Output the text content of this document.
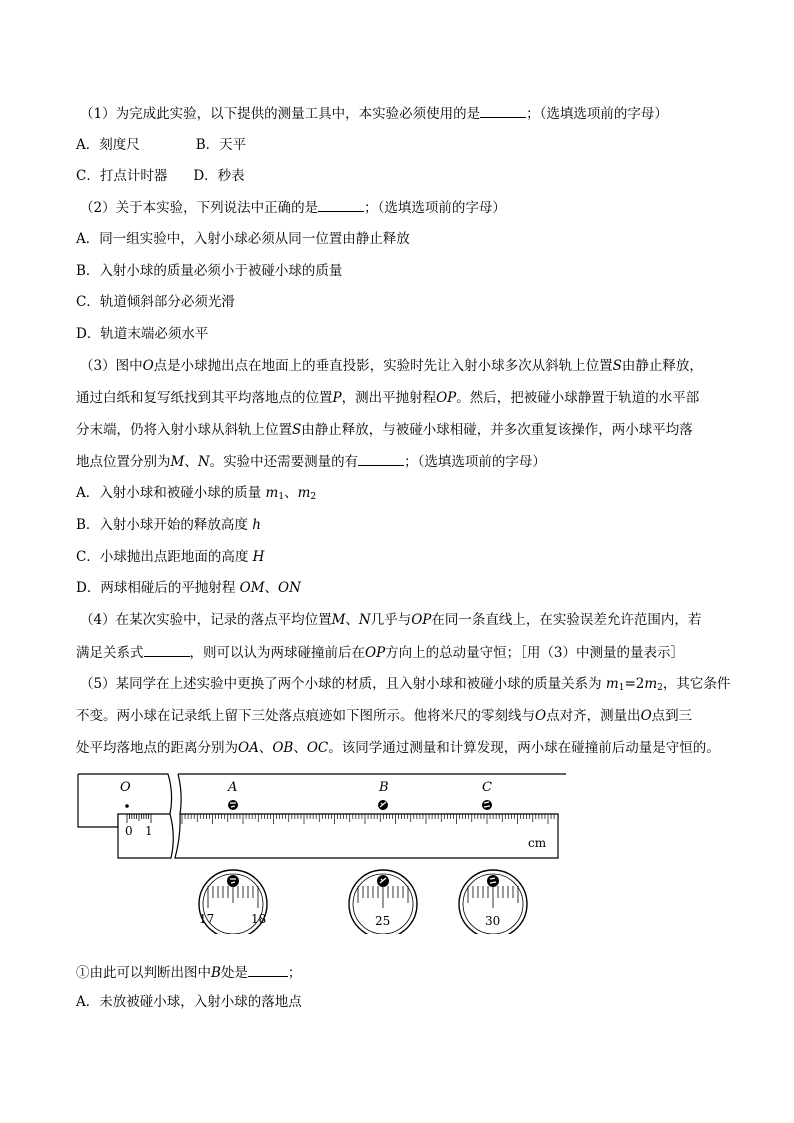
（1）为完成此实验，以下提供的测量工具中，本实验必须使用的是	；（选填选项前的字母）
A．刻度尺	B．天平
C．打点计时器 D．秒表
（2）关于本实验，下列说法中正确的是	；（选填选项前的字母）
A．同一组实验中，入射小球必须从同一位置由静止释放
B．入射小球的质量必须小于被碰小球的质量
C．轨道倾斜部分必须光滑
D．轨道末端必须水平
（3）图中O点是小球抛出点在地面上的垂直投影，实验时先让入射小球多次从斜轨上位置S由静止释放，
通过白纸和复写纸找到其平均落地点的位置P，测出平抛射程OP。然后，把被碰小球静置于轨道的水平部
分末端，仍将入射小球从斜轨上位置S由静止释放，与被碰小球相碰，并多次重复该操作，两小球平均落
地点位置分别为M、N。实验中还需要测量的有	；（选填选项前的字母）
A．入射小球和被碰小球的质量 $m_1$、$m_2$
B．入射小球开始的释放高度 h
C．小球抛出点距地面的高度 H
D．两球相碰后的平抛射程 OM、ON
（4）在某次实验中，记录的落点平均位置M、N几乎与OP在同一条直线上，在实验误差允许范围内，若
满足关系式	，则可以认为两球碰撞前后在OP方向上的总动量守恒；［用（3）中测量的量表示］
（5）某同学在上述实验中更换了两个小球的材质，且入射小球和被碰小球的质量关系为 $m_1=2m_2$，其它条件
不变。两小球在记录纸上留下三处落点痕迹如下图所示。他将米尺的零刻线与O点对齐，测量出O点到三
处平均落地点的距离分别为OA、OB、OC。该同学通过测量和计算发现，两小球在碰撞前后动量是守恒的。
O	A	B	C
0 1
cm
17	18	25	30
①由此可以判断出图中B处是	；
A．未放被碰小球，入射小球的落地点
